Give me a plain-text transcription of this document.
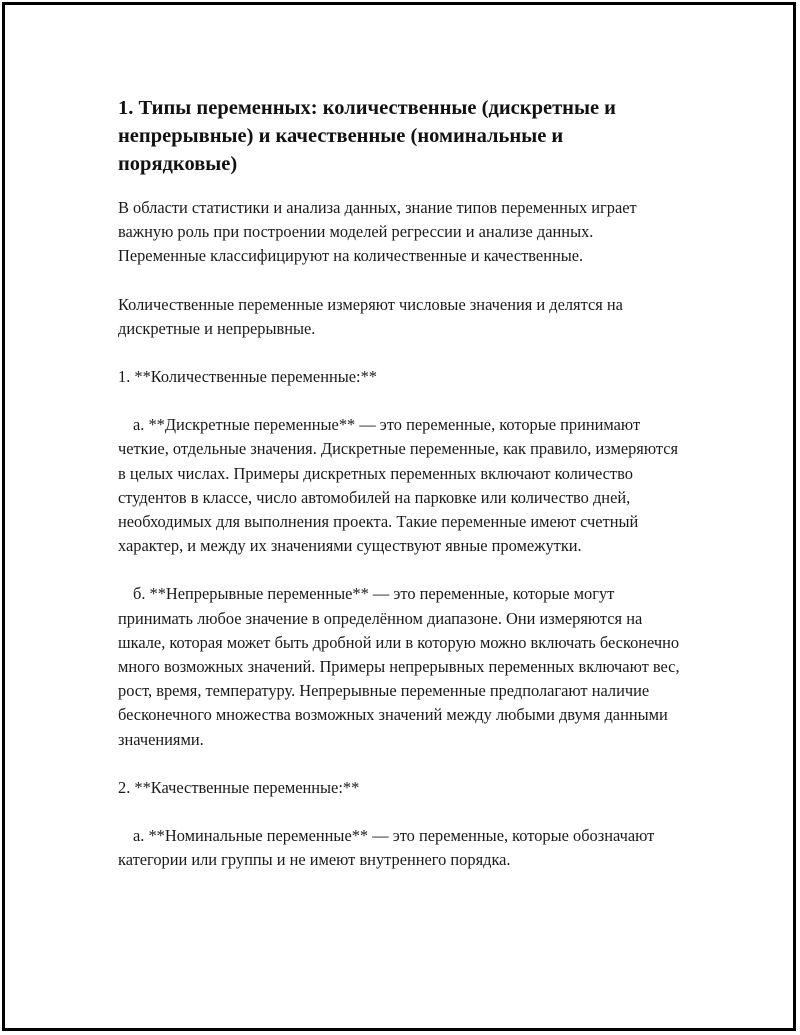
1. Типы переменных: количественные (дискретные и непрерывные) и качественные (номинальные и порядковые)

В области статистики и анализа данных, знание типов переменных играет важную роль при построении моделей регрессии и анализе данных. Переменные классифицируют на количественные и качественные.

Количественные переменные измеряют числовые значения и делятся на дискретные и непрерывные.

1. **Количественные переменные:**

а. **Дискретные переменные** — это переменные, которые принимают четкие, отдельные значения. Дискретные переменные, как правило, измеряются в целых числах. Примеры дискретных переменных включают количество студентов в классе, число автомобилей на парковке или количество дней, необходимых для выполнения проекта. Такие переменные имеют счетный характер, и между их значениями существуют явные промежутки.

б. **Непрерывные переменные** — это переменные, которые могут принимать любое значение в определённом диапазоне. Они измеряются на шкале, которая может быть дробной или в которую можно включать бесконечно много возможных значений. Примеры непрерывных переменных включают вес, рост, время, температуру. Непрерывные переменные предполагают наличие бесконечного множества возможных значений между любыми двумя данными значениями.

2. **Качественные переменные:**

а. **Номинальные переменные** — это переменные, которые обозначают категории или группы и не имеют внутреннего порядка.
